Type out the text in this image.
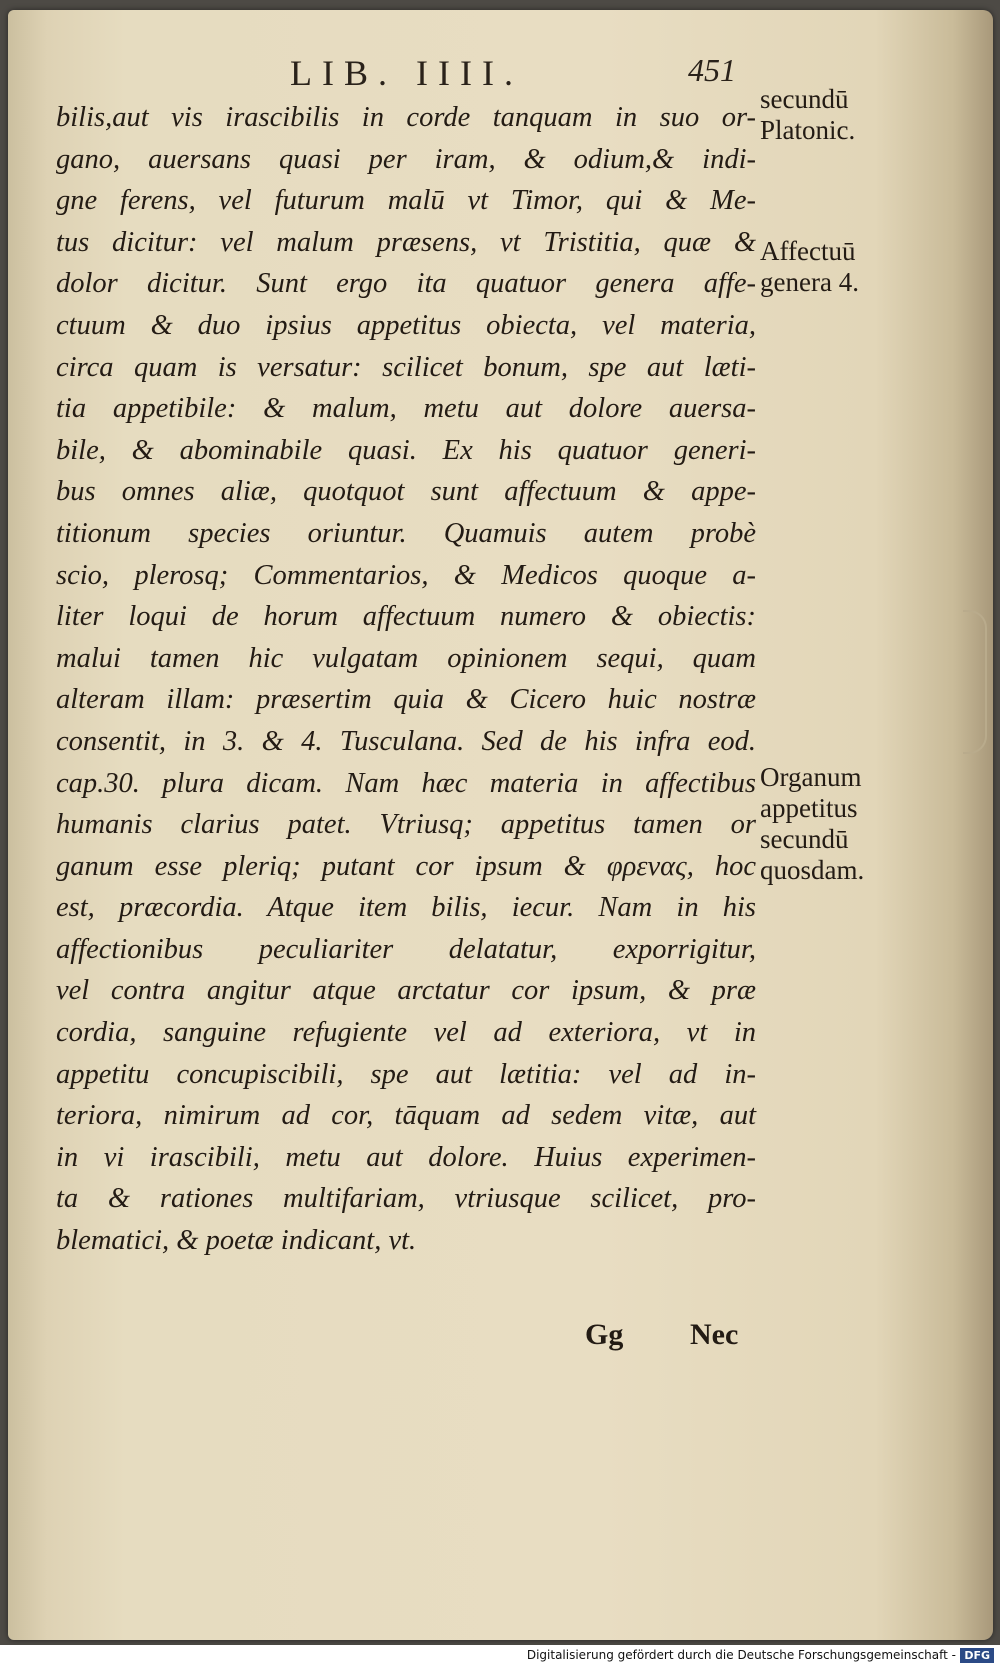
LIB. IIII.	451
bilis,aut vis irascibilis in corde tanquam in suo or-
gano, auersans quasi per iram, & odium,& indi-
gne ferens, vel futurum malū vt Timor, qui & Me-
tus dicitur: vel malum præsens, vt Tristitia, quæ &
dolor dicitur. Sunt ergo ita quatuor genera affe-
ctuum & duo ipsius appetitus obiecta, vel materia,
circa quam is versatur: scilicet bonum, spe aut læti-
tia appetibile: & malum, metu aut dolore auersa-
bile, & abominabile quasi. Ex his quatuor generi-
bus omnes aliæ, quotquot sunt affectuum & appe-
titionum species oriuntur. Quamuis autem probè
scio, plerosq; Commentarios, & Medicos quoque a-
liter loqui de horum affectuum numero & obiectis:
malui tamen hic vulgatam opinionem sequi, quam
alteram illam: præsertim quia & Cicero huic nostræ
consentit, in 3. & 4. Tusculana. Sed de his infra eod.
cap.30. plura dicam. Nam hæc materia in affectibus
humanis clarius patet. Vtriusq; appetitus tamen or
ganum esse pleriq; putant cor ipsum & φρενας, hoc
est, præcordia. Atque item bilis, iecur. Nam in his
affectionibus peculiariter delatatur, exporrigitur,
vel contra angitur atque arctatur cor ipsum, & præ
cordia, sanguine refugiente vel ad exteriora, vt in
appetitu concupiscibili, spe aut lætitia: vel ad in-
teriora, nimirum ad cor, tāquam ad sedem vitæ, aut
in vi irascibili, metu aut dolore. Huius experimen-
ta & rationes multifariam, vtriusque scilicet, pro-
blematici, & poetæ indicant, vt.
secundū
Platonic.
Affectuū
genera 4.
Organum
appetitus
secundū
quosdam.
Gg Nec
Digitalisierung gefördert durch die Deutsche Forschungsgemeinschaft - DFG
